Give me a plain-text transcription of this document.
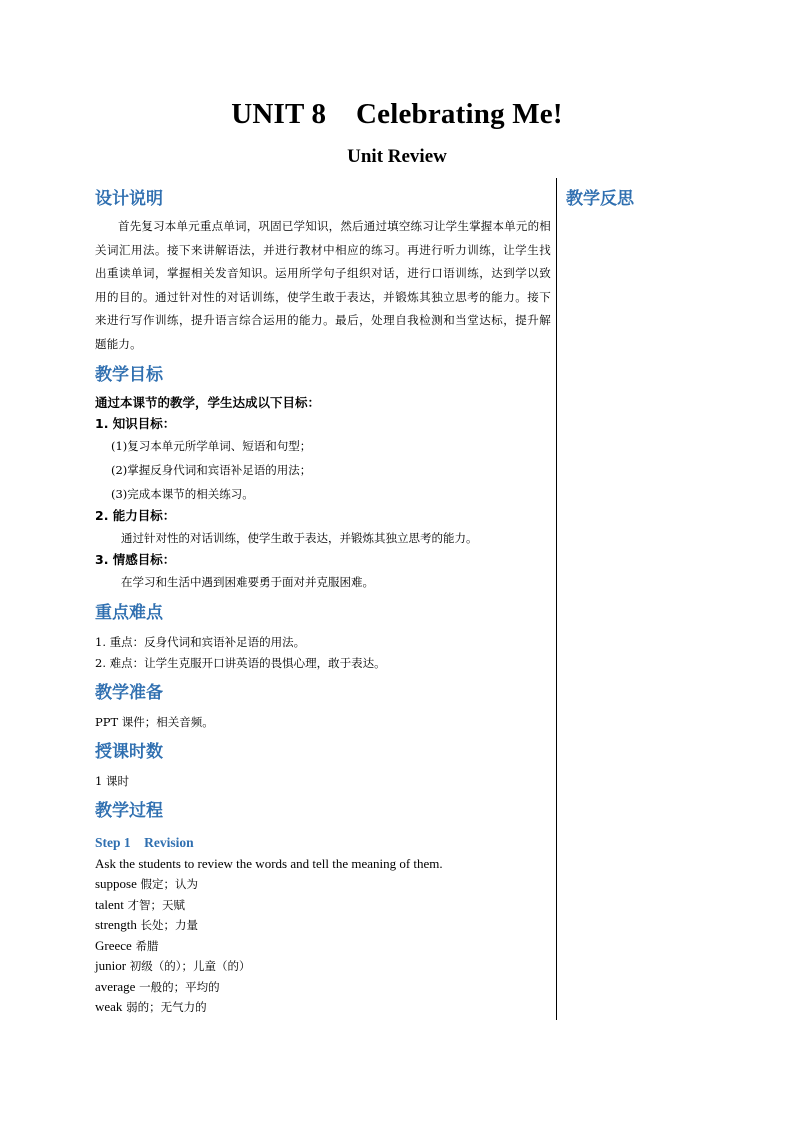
UNIT 8    Celebrating Me!
Unit Review
教学反思
设计说明

首先复习本单元重点单词，巩固已学知识，然后通过填空练习让学生掌握本单元的相关词汇用法。接下来讲解语法，并进行教材中相应的练习。再进行听力训练，让学生找出重读单词，掌握相关发音知识。运用所学句子组织对话，进行口语训练，达到学以致用的目的。通过针对性的对话训练，使学生敢于表达，并锻炼其独立思考的能力。接下来进行写作训练，提升语言综合运用的能力。最后，处理自我检测和当堂达标，提升解题能力。

教学目标
通过本课节的教学，学生达成以下目标：
1. 知识目标：
(1)复习本单元所学单词、短语和句型；
(2)掌握反身代词和宾语补足语的用法；
(3)完成本课节的相关练习。
2. 能力目标：
通过针对性的对话训练，使学生敢于表达，并锻炼其独立思考的能力。
3. 情感目标：
在学习和生活中遇到困难要勇于面对并克服困难。
重点难点
1. 重点：反身代词和宾语补足语的用法。
2. 难点：让学生克服开口讲英语的畏惧心理，敢于表达。
教学准备
PPT 课件；相关音频。
授课时数
1 课时
教学过程
Step 1    Revision
Ask the students to review the words and tell the meaning of them.
suppose 假定；认为
talent 才智；天赋
strength 长处；力量
Greece 希腊
junior 初级（的）；儿童（的）
average 一般的；平均的
weak 弱的；无气力的
